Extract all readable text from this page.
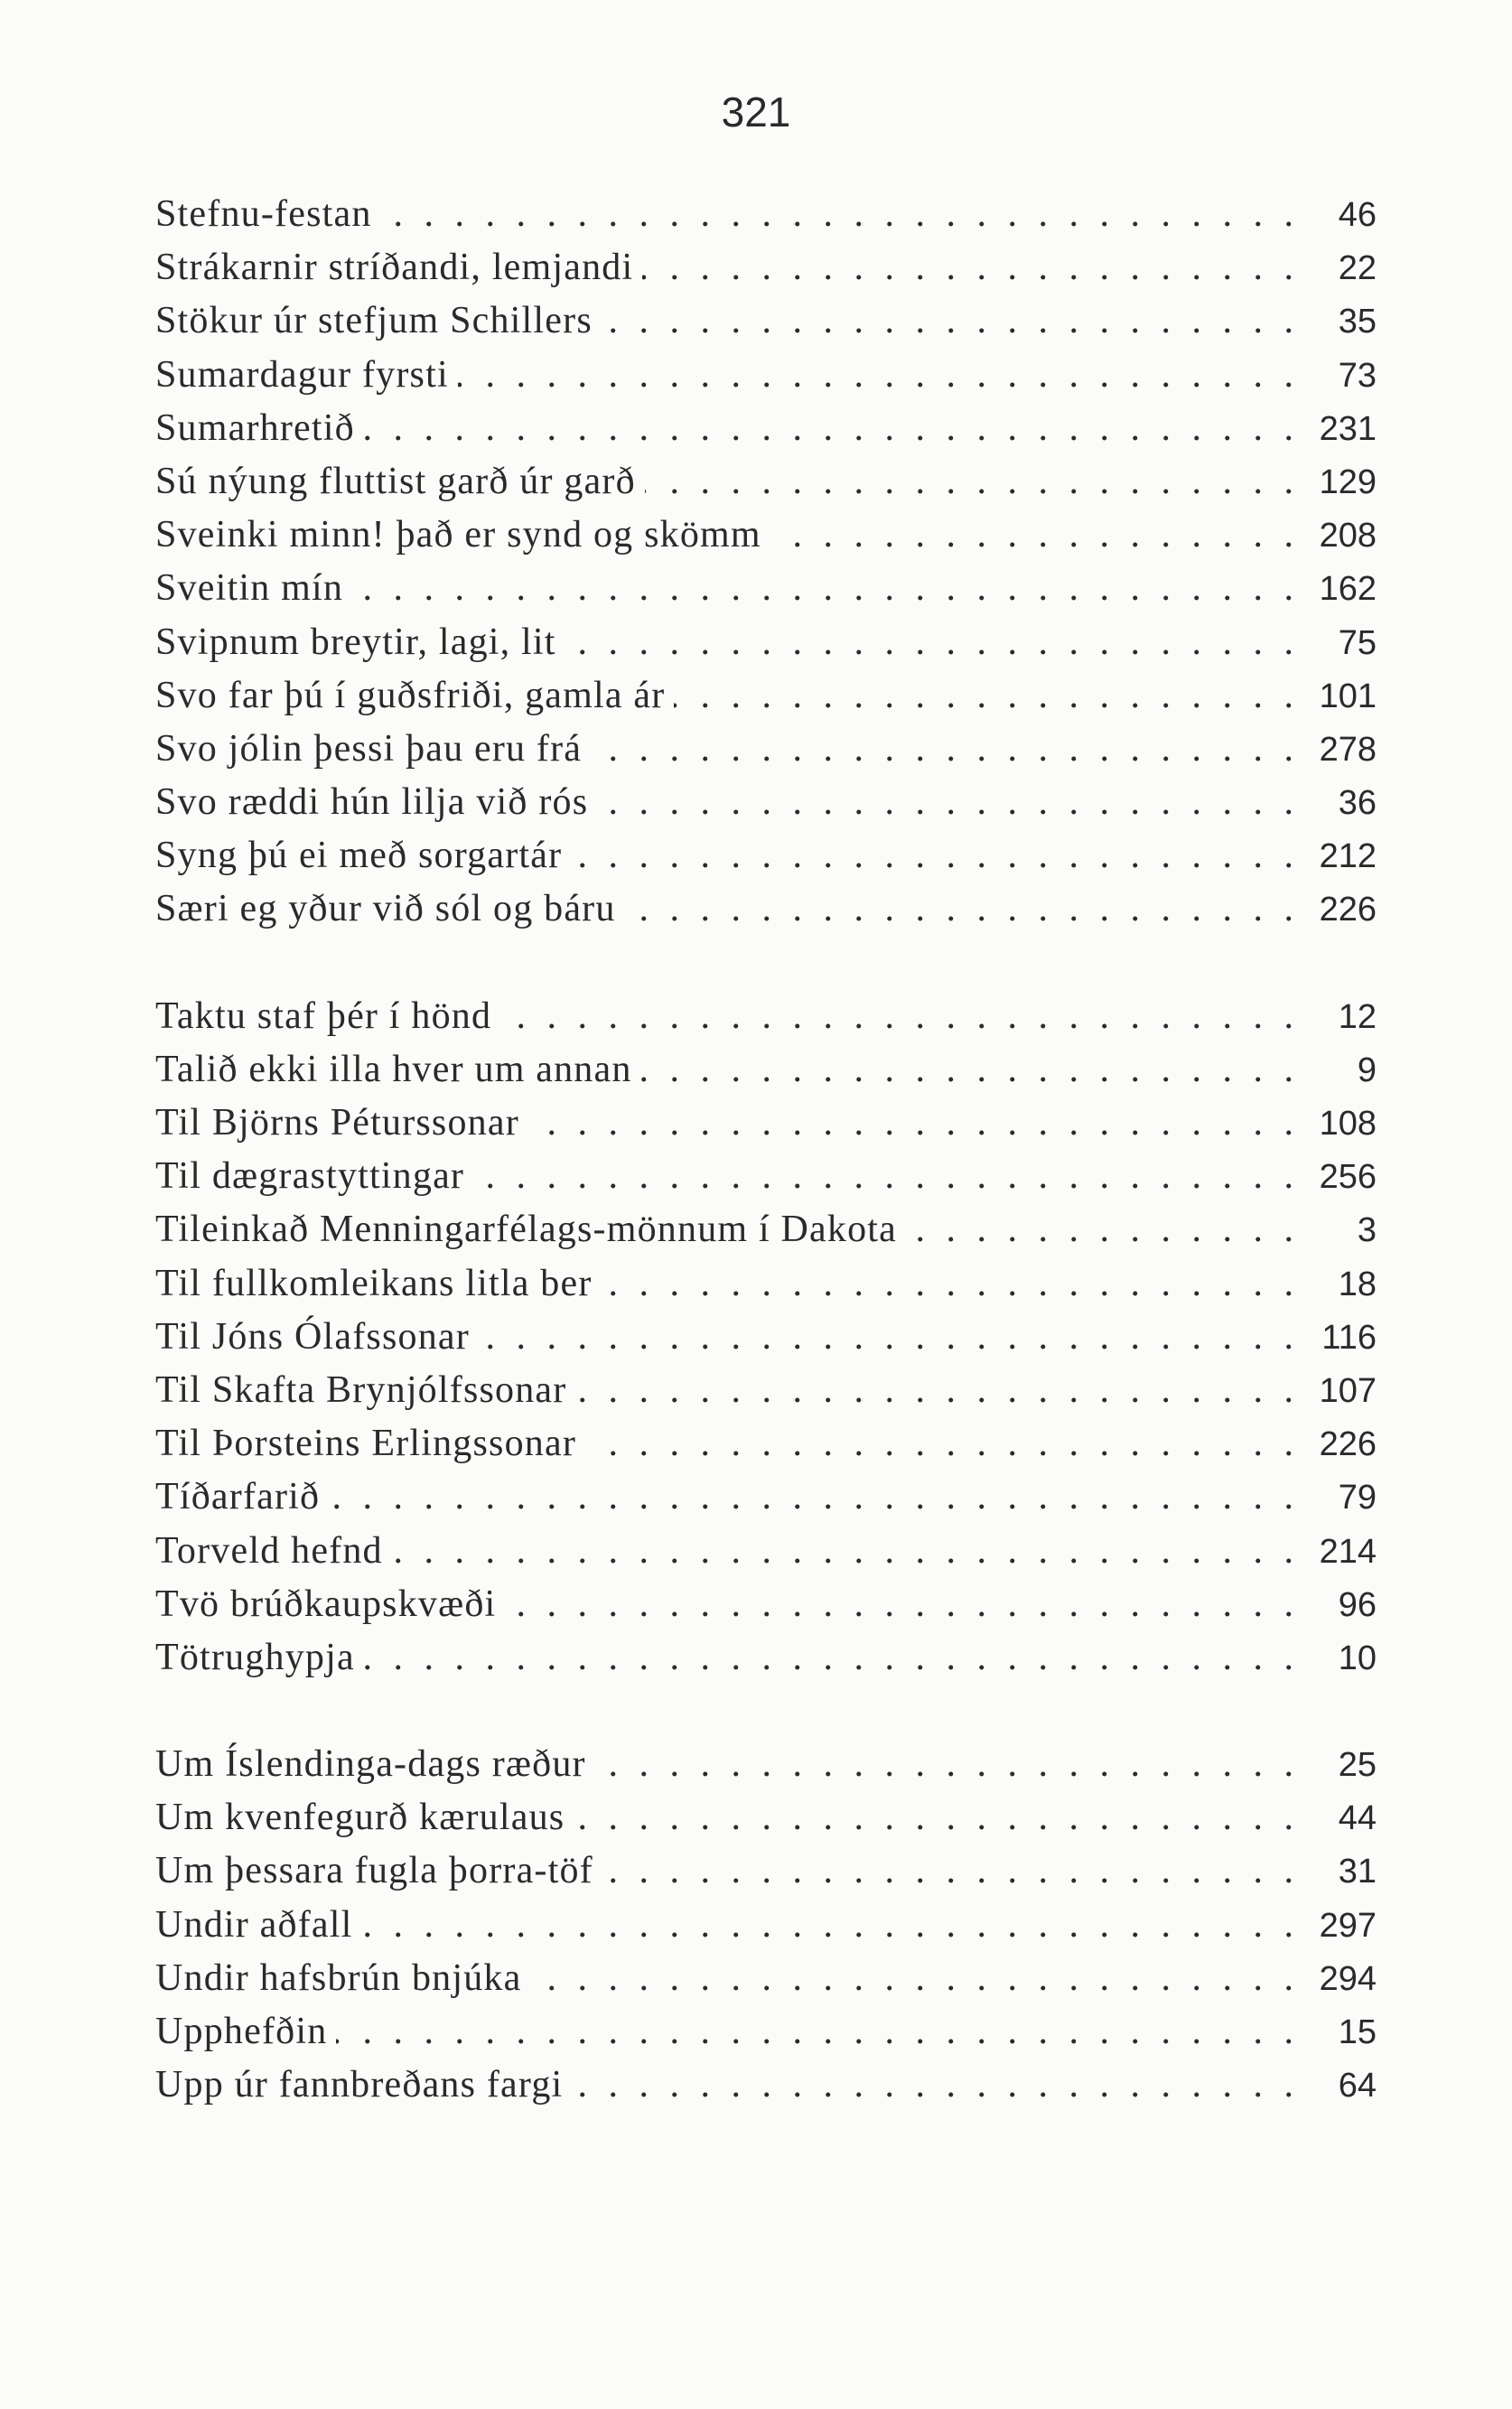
321
Stefnu-festan . . .	46
Strákarnir stríðandi, lemjandi . . .	22
Stökur úr stefjum Schillers . . .	35
Sumardagur fyrsti . . .	73
Sumarhretið . . .	231
Sú nýung fluttist garð úr garð . . .	129
Sveinki minn! það er synd og skömm . . .	208
Sveitin mín . . .	162
Svipnum breytir, lagi, lit . . .	75
Svo far þú í guðsfriði, gamla ár . . .	101
Svo jólin þessi þau eru frá . . .	278
Svo ræddi hún lilja við rós . . .	36
Syng þú ei með sorgartár . . .	212
Særi eg yður við sól og báru . . .	226
Taktu staf þér í hönd . . .	12
Talið ekki illa hver um annan . . .	9
Til Björns Péturssonar . . .	108
Til dægrastyttingar . . .	256
Tileinkað Menningarfélags-mönnum í Dakota . . .	3
Til fullkomleikans litla ber . . .	18
Til Jóns Ólafssonar . . .	116
Til Skafta Brynjólfssonar . . .	107
Til Þorsteins Erlingssonar . . .	226
Tíðarfarið . . .	79
Torveld hefnd . . .	214
Tvö brúðkaupskvæði . . .	96
Tötrughypja . . .	10
Um Íslendinga-dags ræður . . .	25
Um kvenfegurð kærulaus . . .	44
Um þessara fugla þorra-töf . . .	31
Undir aðfall . . .	297
Undir hafsbrún bnjúka . . .	294
Upphefðin . . .	15
Upp úr fannbreðans fargi . . .	64
